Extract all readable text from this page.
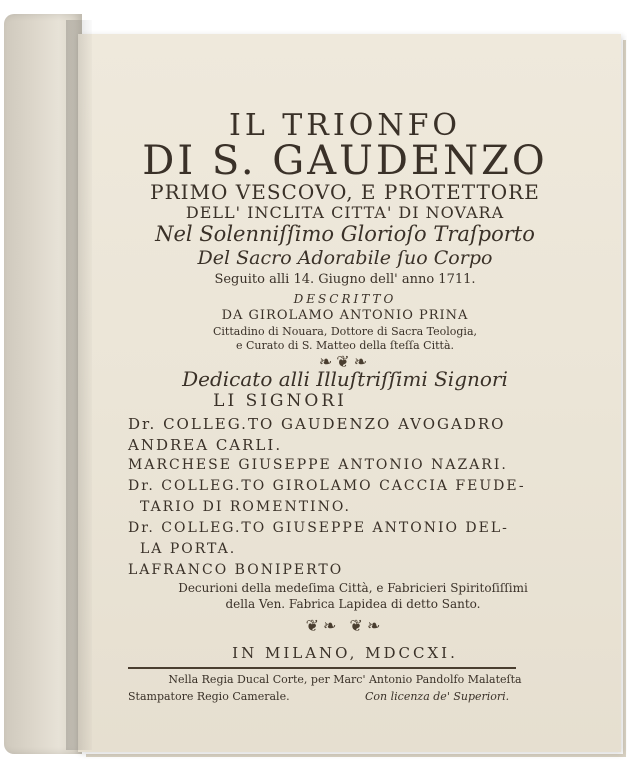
IL TRIONFO

DI S. GAUDENZO

PRIMO VESCOVO, E PROTETTORE

DELL' INCLITA CITTA' DI NOVARA

Nel Solenniſſimo Glorioſo Traſporto

Del Sacro Adorabile ſuo Corpo

Seguito alli 14. Giugno dell' anno 1711.

DESCRITTO

DA GIROLAMO ANTONIO PRINA

Cittadino di Nouara, Dottore di Sacra Teologia,

e Curato di S. Matteo della ſteſſa Città.

❧❦❧

Dedicato alli Illuſtriſſimi Signori

LI SIGNORI

Dr. COLLEG.TO GAUDENZO AVOGADRO

ANDREA CARLI.

MARCHESE GIUSEPPE ANTONIO NAZARI.

Dr. COLLEG.TO GIROLAMO CACCIA FEUDE-

TARIO DI ROMENTINO.

Dr. COLLEG.TO GIUSEPPE ANTONIO DEL-

LA PORTA.

LAFRANCO BONIPERTO

Decurioni della medeſima Città, e Fabricieri Spiritoſiſſimi

della Ven. Fabrica Lapidea di detto Santo.

❦❧ ❦❧

IN MILANO, MDCCXI.

Nella Regia Ducal Corte, per Marc' Antonio Pandolfo Malateſta

Stampatore Regio Camerale.	Con licenza de' Superiori.
